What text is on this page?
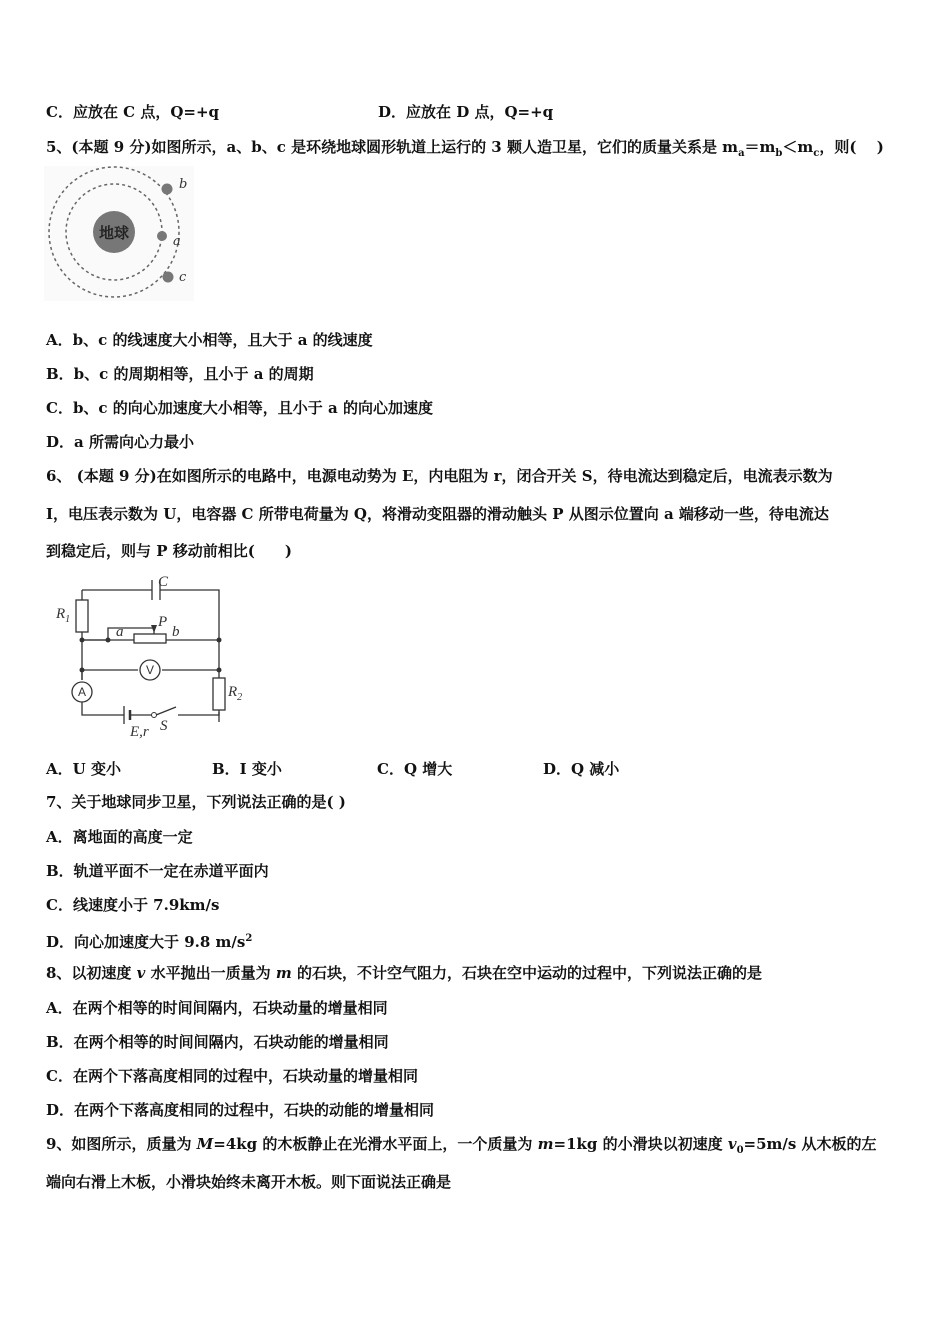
C．应放在 C 点，Q=+q	D．应放在 D 点，Q=+q
5、(本题 9 分)如图所示，a、b、c 是环绕地球圆形轨道上运行的 3 颗人造卫星，它们的质量关系是 $m_a=m_b<m_c$，则(　 )
地球
b
a
c
A．b、c 的线速度大小相等，且大于 a 的线速度
B．b、c 的周期相等，且小于 a 的周期
C．b、c 的向心加速度大小相等，且小于 a 的向心加速度
D．a 所需向心力最小
6、 (本题 9 分)在如图所示的电路中，电源电动势为 E，内电阻为 r，闭合开关 S，待电流达到稳定后，电流表示数为
I，电压表示数为 U，电容器 C 所带电荷量为 Q，将滑动变阻器的滑动触头 P 从图示位置向 a 端移动一些，待电流达
到稳定后，则与 P 移动前相比(　　)
C
$R_1$
a
P
b
$R_2$
E,r S
V
A
A．U 变小	B．I 变小	C．Q 增大	D．Q 减小
7、关于地球同步卫星，下列说法正确的是( )
A．离地面的高度一定
B．轨道平面不一定在赤道平面内
C．线速度小于 7.9km/s
D．向心加速度大于 9.8 $m/s^2$
8、以初速度 v 水平抛出一质量为 m 的石块，不计空气阻力，石块在空中运动的过程中，下列说法正确的是
A．在两个相等的时间间隔内，石块动量的增量相同
B．在两个相等的时间间隔内，石块动能的增量相同
C．在两个下落高度相同的过程中，石块动量的增量相同
D．在两个下落高度相同的过程中，石块的动能的增量相同
9、如图所示，质量为 M=4kg 的木板静止在光滑水平面上，一个质量为 m=1kg 的小滑块以初速度 $v_0=5m/s$ 从木板的左
端向右滑上木板，小滑块始终未离开木板。则下面说法正确是
